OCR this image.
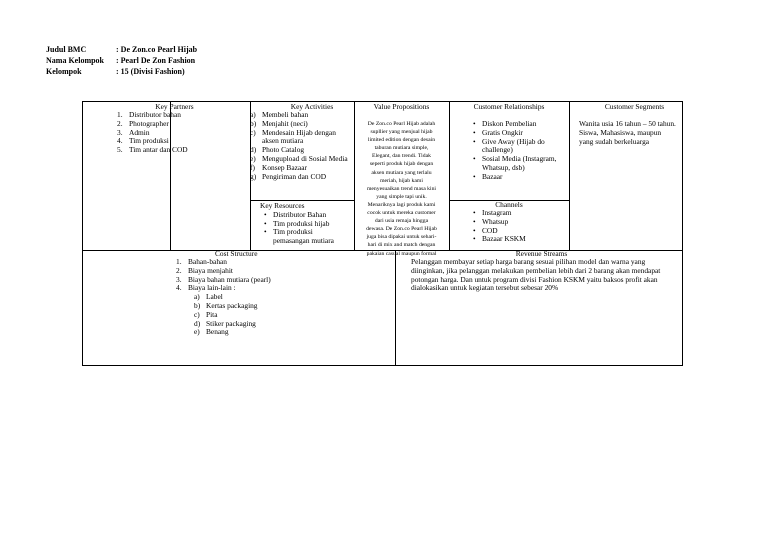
Judul BMC	: De Zon.co Pearl Hijab
Nama Kelompok : Pearl De Zon Fashion
Kelompok	: 15 (Divisi Fashion)
Key Partners
1. Distributor bahan
2. Photographer
3. Admin
4. Tim produksi
5. Tim antar dan COD
Key Activities
a) Membeli bahan
b) Menjahit (neci)
c) Mendesain Hijab dengan aksen mutiara
d) Photo Catalog
e) Mengupload di Sosial Media
f) Konsep Bazaar
g) Pengiriman dan COD
Key Resources
• Distributor Bahan
• Tim produksi hijab
• Tim produksi pemasangan mutiara
Value Propositions

De Zon.co Pearl Hijab adalah

supllier yang menjual hijab

limited edition dengan desain

taburan mutiara simple,

Elegant, dan trendi. Tidak

seperti produk hijab dengan

aksen mutiara yang terlalu

meriah, hijab kami

menyesuaikan trend masa kini

yang simple tapi unik.

Menariknya lagi produk kami

cocok untuk mereka customer

dari usia remaja hingga

dewasa. De Zon.co Pearl Hijab

juga bisa dipakai untuk sehari-

hari di mix and match dengan

pakaian casual maupun formal

Customer Relationships
• Diskon Pembelian
• Gratis Ongkir
• Give Away (Hijab do challenge)
• Sosial Media (Instagram, Whatsup, dsb)
• Bazaar
Channels
• Instagram
• Whatsup
• COD
• Bazaar KSKM
Customer Segments
Wanita usia 16 tahun – 50 tahun. Siswa, Mahasiswa, maupun yang sudah berkeluarga
Cost Structure
1. Bahan-bahan
2. Biaya menjahit
3. Biaya bahan mutiara (pearl)
4. Biaya lain-lain :
a) Label
b) Kertas packaging
c) Pita
d) Stiker packaging
e) Benang
Revenue Streams
Pelanggan membayar setiap harga barang sesuai pilihan model dan warna yang diinginkan, jika pelanggan melakukan pembelian lebih dari 2 barang akan mendapat potongan harga. Dan untuk program divisi Fashion KSKM yaitu baksos profit akan dialokasikan untuk kegiatan tersebut sebesar 20%
